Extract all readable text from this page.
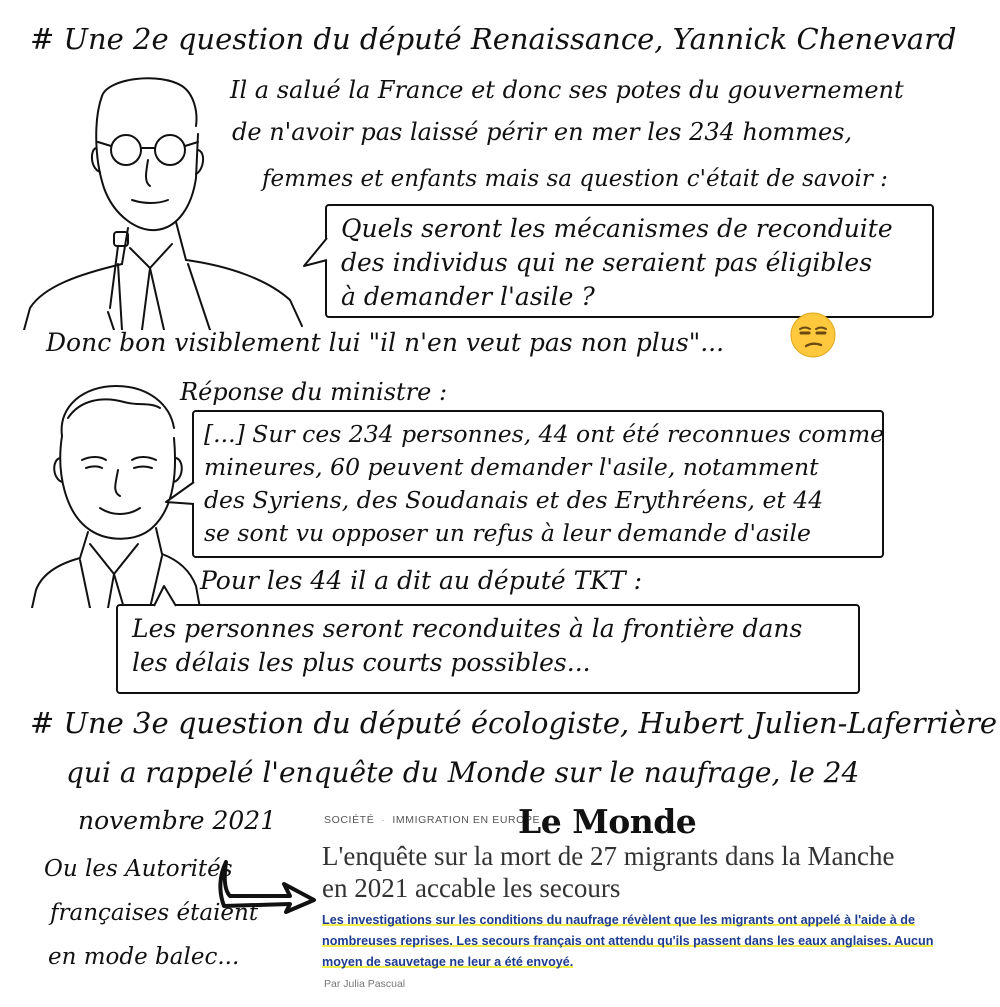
# Une 2e question du député Renaissance, Yannick Chenevard
Il a salué la France et donc ses potes du gouvernement
de n'avoir pas laissé périr en mer les 234 hommes,
femmes et enfants mais sa question c'était de savoir :
Quels seront les mécanismes de reconduite
des individus qui ne seraient pas éligibles
à demander l'asile ?
Donc bon visiblement lui "il n'en veut pas non plus"...
Réponse du ministre :
[...] Sur ces 234 personnes, 44 ont été reconnues comme
mineures, 60 peuvent demander l'asile, notamment
des Syriens, des Soudanais et des Erythréens, et 44
se sont vu opposer un refus à leur demande d'asile
Pour les 44 il a dit au député TKT :
Les personnes seront reconduites à la frontière dans
les délais les plus courts possibles...
# Une 3e question du député écologiste, Hubert Julien-Laferrière
qui a rappelé l'enquête du Monde sur le naufrage, le 24
novembre 2021
Ou les Autorités
françaises étaient
en mode balec...
SOCIÉTÉ · IMMIGRATION EN EUROPE
Le Monde
L'enquête sur la mort de 27 migrants dans la Manche en 2021 accable les secours
Les investigations sur les conditions du naufrage révèlent que les migrants ont appelé à l'aide à de nombreuses reprises. Les secours français ont attendu qu'ils passent dans les eaux anglaises. Aucun moyen de sauvetage ne leur a été envoyé.
Par Julia Pascual
